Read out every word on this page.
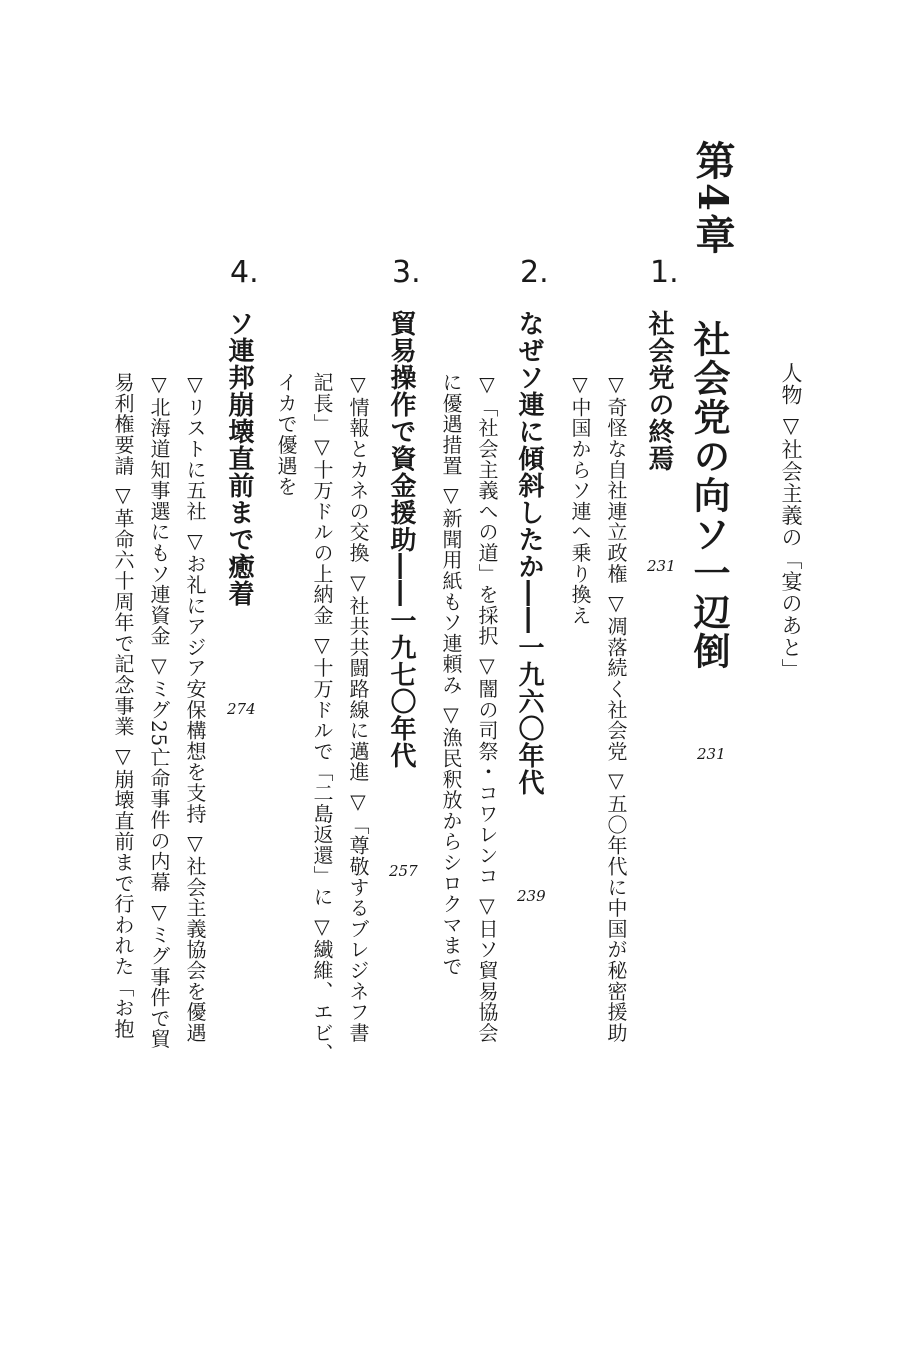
第4章
人物 ▽社会主義の「宴のあと」
社会党の向ソ一辺倒
231
1.
社会党の終焉
231
▽奇怪な自社連立政権 ▽凋落続く社会党 ▽五〇年代に中国が秘密援助
▽中国からソ連へ乗り換え
2.
なぜソ連に傾斜したか――一九六〇年代
239
▽「社会主義への道」を採択 ▽闇の司祭・コワレンコ ▽日ソ貿易協会
に優遇措置 ▽新聞用紙もソ連頼み ▽漁民釈放からシロクマまで
3.
貿易操作で資金援助――一九七〇年代
257
▽情報とカネの交換 ▽社共共闘路線に邁進 ▽「尊敬するブレジネフ書
記長」▽十万ドルの上納金 ▽十万ドルで「二島返還」に ▽繊維、エビ、
イカで優遇を
4.
ソ連邦崩壊直前まで癒着
274
▽リストに五社 ▽お礼にアジア安保構想を支持 ▽社会主義協会を優遇
▽北海道知事選にもソ連資金 ▽ミグ25亡命事件の内幕 ▽ミグ事件で貿
易利権要請 ▽革命六十周年で記念事業 ▽崩壊直前まで行われた「お抱
